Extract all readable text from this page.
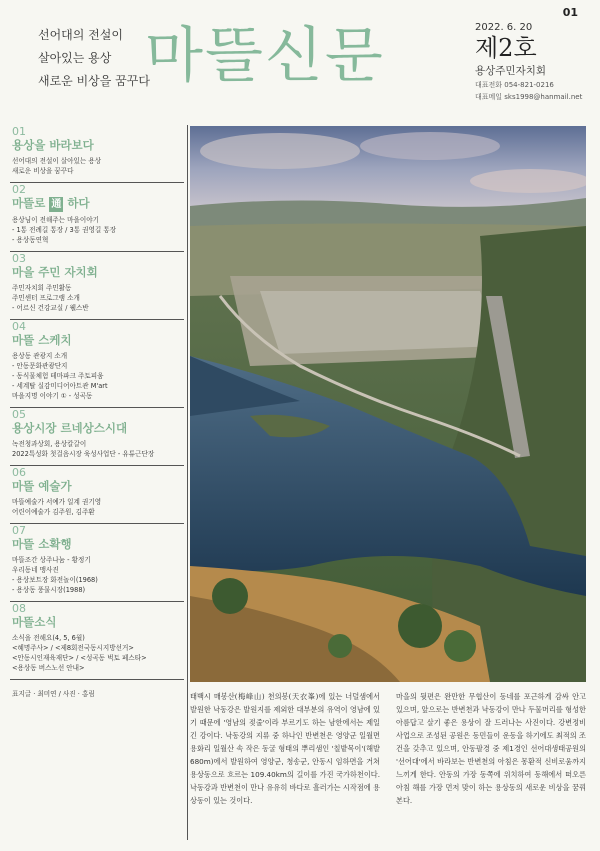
01
선어대의 전설이
살아있는 용상
새로운 비상을 꿈꾸다
마뜰신문	2022. 6. 20
제2호
용상주민자치회
대표전화 054-821-0216
대표메일 sks1998@hanmail.net
01
용상을 바라보다
선어대의 전설이 살아있는 용상
새로운 비상을 꿈꾸다
02
마뜰로 通 하다
용상님이 전해주는 마을이야기
- 1통 전례길 통장 / 3통 권영길 통장
- 용상동연혁
03
마을 주민 자치회
주민자치회 주민활동
주민센터 프로그램 소개
- 어르신 건강교실 / 웰스반
04
마뜰 스케치
용상동 관광지 소개
- 안동문화관광단지
- 동식물체험 테마파크 주토피움
- 세계탈 실감미디어아트관 M'art
마을지명 이야기 ① - 성곡동
05
용상시장 르네상스시대
녹전청과상회, 용상칼갈이
2022특성화 첫걸음시장 육성사업단 - 유튜근단장
06
마뜰 예술가
마뜰예술가 서예가 일계 권기영
어린이예술가 김주원, 김주환
07
마뜰 소확행
마뜰조간 상주나눔 - 황정기
우리동네 맹사진
- 용상보트장 화전놀이(1968)
- 용상동 풍물시장(1988)
08
마뜰소식
소식을 전해요(4, 5, 6월)
<혜명주사> / <제8회전국동시지방선거>
<안동시인재육재단> / <성곡동 벅토 페스타>
<용상동 버스노선 안내>
표지글 · 최미연 / 사진 · 홍림	태백시 매봉산(梅峰山) 천의봉(天衣峯)에 있는 너덜샘에서 발원한 낙동강은 발원지를 제외한 대부분의 유역이 영남에 있기 때문에 '영남의 젖줄'이라 부르기도 하는 남한에서는 제일 긴 강이다. 낙동강의 지류 중 하나인 반변천은 영양군 일월면 용화리 일월산 속 작은 동굴 형태의 뿌리샘인 '칠밭목이'(해발 680m)에서 발원하여 영양군, 청송군, 안동시 임하면을 거쳐 용상동으로 흐르는 109.40km의 길이를 가진 국가하천이다. 낙동강과 반변천이 만나 유유히 바다로 흘러가는 시작점에 용상동이 있는 것이다.
마을의 뒷편은 완만한 무협산이 동네를 포근하게 감싸 안고 있으며, 앞으로는 반변천과 낙동강이 만나 두물머리를 형성한 아름답고 살기 좋은 용상이 잘 드러나는 사진이다. 강변정비 사업으로 조성된 공원은 동민들이 운동을 하기에도 최적의 조건을 갖추고 있으며, 안동팔경 중 제1경인 선어대생태공원의 '선어대'에서 바라보는 반변천의 아침은 몽환적 신비로움까지 느끼게 한다. 안동의 가장 동쪽에 위치하여 동해에서 떠오른 아침 해를 가장 먼저 맞이 하는 용상동의 새로운 비상을 꿈꿔 본다.
